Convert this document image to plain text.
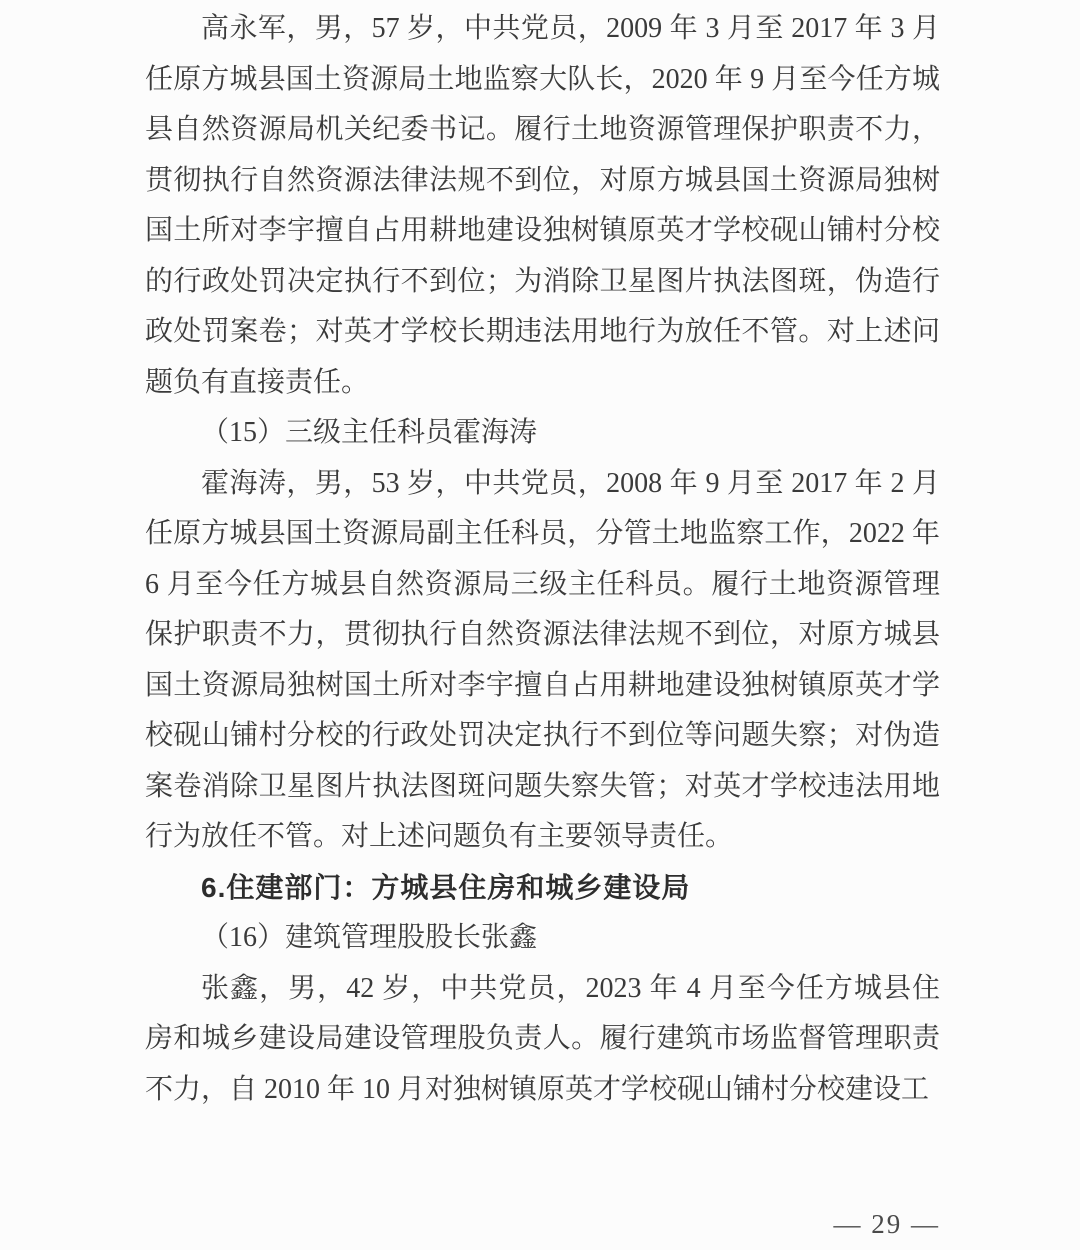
高永军，男，57 岁，中共党员，2009 年 3 月至 2017 年 3 月任原方城县国土资源局土地监察大队长，2020 年 9 月至今任方城县自然资源局机关纪委书记。履行土地资源管理保护职责不力，贯彻执行自然资源法律法规不到位，对原方城县国土资源局独树国土所对李宇擅自占用耕地建设独树镇原英才学校砚山铺村分校的行政处罚决定执行不到位；为消除卫星图片执法图斑，伪造行政处罚案卷；对英才学校长期违法用地行为放任不管。对上述问题负有直接责任。

（15）三级主任科员霍海涛

霍海涛，男，53 岁，中共党员，2008 年 9 月至 2017 年 2 月任原方城县国土资源局副主任科员，分管土地监察工作，2022 年 6 月至今任方城县自然资源局三级主任科员。履行土地资源管理保护职责不力，贯彻执行自然资源法律法规不到位，对原方城县国土资源局独树国土所对李宇擅自占用耕地建设独树镇原英才学校砚山铺村分校的行政处罚决定执行不到位等问题失察；对伪造案卷消除卫星图片执法图斑问题失察失管；对英才学校违法用地行为放任不管。对上述问题负有主要领导责任。

6.住建部门：方城县住房和城乡建设局

（16）建筑管理股股长张鑫

张鑫，男，42 岁，中共党员，2023 年 4 月至今任方城县住房和城乡建设局建设管理股负责人。履行建筑市场监督管理职责不力，自 2010 年 10 月对独树镇原英才学校砚山铺村分校建设工

— 29 —
